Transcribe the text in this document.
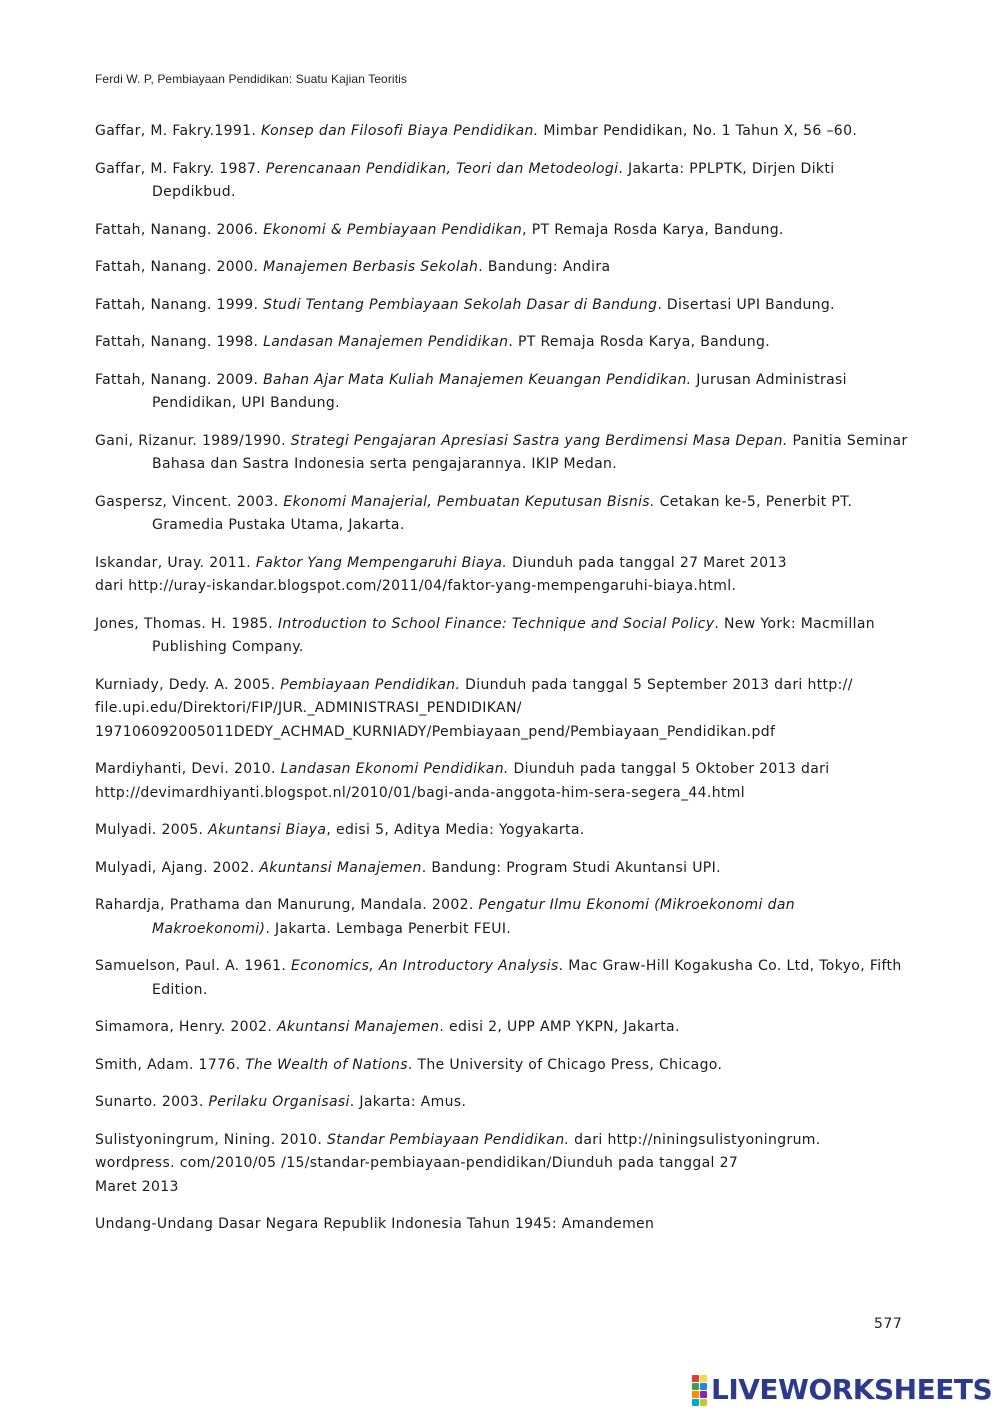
Ferdi W. P, Pembiayaan Pendidikan: Suatu Kajian Teoritis
Gaffar, M. Fakry.1991. Konsep dan Filosofi Biaya Pendidikan. Mimbar Pendidikan, No. 1 Tahun X, 56 –60.
Gaffar, M. Fakry. 1987. Perencanaan Pendidikan, Teori dan Metodeologi. Jakarta: PPLPTK, Dirjen Dikti Depdikbud.
Fattah, Nanang. 2006. Ekonomi & Pembiayaan Pendidikan, PT Remaja Rosda Karya, Bandung.
Fattah, Nanang. 2000. Manajemen Berbasis Sekolah. Bandung: Andira
Fattah, Nanang. 1999. Studi Tentang Pembiayaan Sekolah Dasar di Bandung. Disertasi UPI Bandung.
Fattah, Nanang. 1998. Landasan Manajemen Pendidikan. PT Remaja Rosda Karya, Bandung.
Fattah, Nanang. 2009. Bahan Ajar Mata Kuliah Manajemen Keuangan Pendidikan. Jurusan Administrasi Pendidikan, UPI Bandung.
Gani, Rizanur. 1989/1990. Strategi Pengajaran Apresiasi Sastra yang Berdimensi Masa Depan. Panitia Seminar Bahasa dan Sastra Indonesia serta pengajarannya. IKIP Medan.
Gaspersz, Vincent. 2003. Ekonomi Manajerial, Pembuatan Keputusan Bisnis. Cetakan ke-5, Penerbit PT. Gramedia Pustaka Utama, Jakarta.
Iskandar, Uray. 2011. Faktor Yang Mempengaruhi Biaya. Diunduh pada tanggal 27 Maret 2013
dari http://uray-iskandar.blogspot.com/2011/04/faktor-yang-mempengaruhi-biaya.html.
Jones, Thomas. H. 1985. Introduction to School Finance: Technique and Social Policy. New York: Macmillan Publishing Company.
Kurniady, Dedy. A. 2005. Pembiayaan Pendidikan. Diunduh pada tanggal 5 September 2013 dari http://
file.upi.edu/Direktori/FIP/JUR._ADMINISTRASI_PENDIDIKAN/
197106092005011DEDY_ACHMAD_KURNIADY/Pembiayaan_pend/Pembiayaan_Pendidikan.pdf
Mardiyhanti, Devi. 2010. Landasan Ekonomi Pendidikan. Diunduh pada tanggal 5 Oktober 2013 dari
http://devimardhiyanti.blogspot.nl/2010/01/bagi-anda-anggota-him-sera-segera_44.html
Mulyadi. 2005. Akuntansi Biaya, edisi 5, Aditya Media: Yogyakarta.
Mulyadi, Ajang. 2002. Akuntansi Manajemen. Bandung: Program Studi Akuntansi UPI.
Rahardja, Prathama dan Manurung, Mandala. 2002. Pengatur Ilmu Ekonomi (Mikroekonomi dan Makroekonomi). Jakarta. Lembaga Penerbit FEUI.
Samuelson, Paul. A. 1961. Economics, An Introductory Analysis. Mac Graw-Hill Kogakusha Co. Ltd, Tokyo, Fifth Edition.
Simamora, Henry. 2002. Akuntansi Manajemen. edisi 2, UPP AMP YKPN, Jakarta.
Smith, Adam. 1776. The Wealth of Nations. The University of Chicago Press, Chicago.
Sunarto. 2003. Perilaku Organisasi. Jakarta: Amus.
Sulistyoningrum, Nining. 2010. Standar Pembiayaan Pendidikan. dari http://niningsulistyoningrum.
wordpress. com/2010/05 /15/standar-pembiayaan-pendidikan/Diunduh pada tanggal 27
Maret 2013
Undang-Undang Dasar Negara Republik Indonesia Tahun 1945: Amandemen
577
LIVEWORKSHEETS
